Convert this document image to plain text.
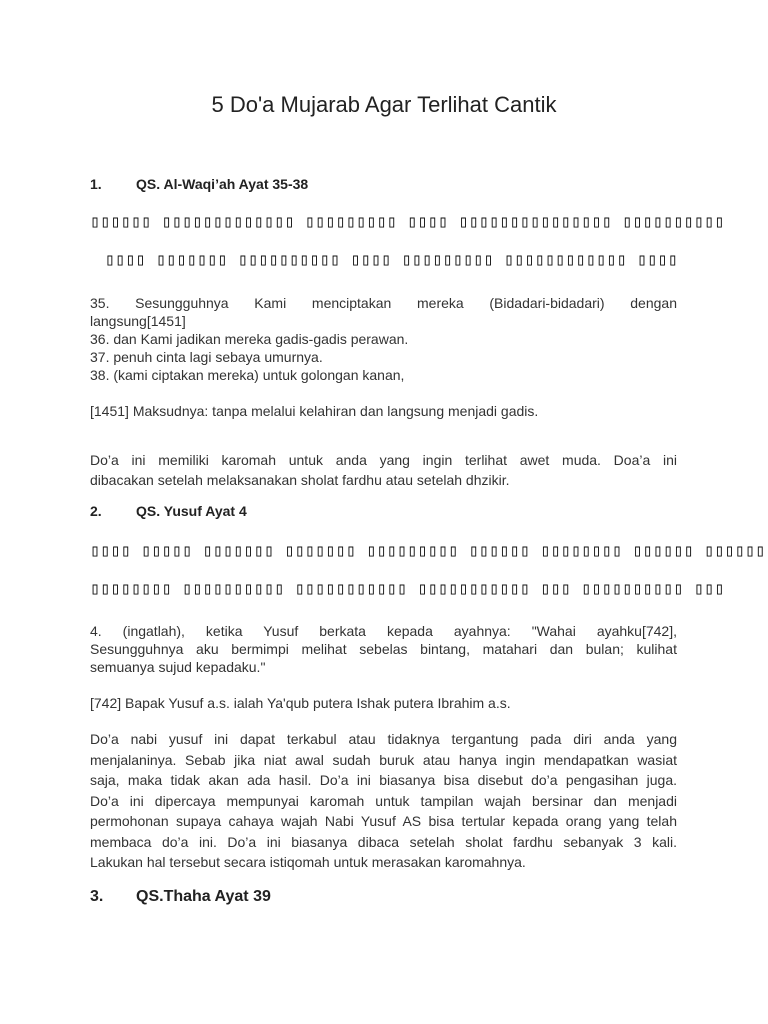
5 Do'a Mujarab Agar Terlihat Cantik
1. QS. Al-Waqi’ah Ayat 35-38
▯▯▯▯▯▯ ▯▯▯▯▯▯▯▯▯▯▯▯▯ ▯▯▯▯▯▯▯▯▯ ▯▯▯▯ ▯▯▯▯▯▯▯▯▯▯▯▯▯▯▯ ▯▯▯▯▯▯▯▯▯▯
▯▯▯▯ ▯▯▯▯▯▯▯ ▯▯▯▯▯▯▯▯▯▯ ▯▯▯▯ ▯▯▯▯▯▯▯▯▯ ▯▯▯▯▯▯▯▯▯▯▯▯ ▯▯▯▯
35. Sesungguhnya Kami menciptakan mereka (Bidadari-bidadari) dengan
langsung[1451]
36. dan Kami jadikan mereka gadis-gadis perawan.
37. penuh cinta lagi sebaya umurnya.
38. (kami ciptakan mereka) untuk golongan kanan,
[1451] Maksudnya: tanpa melalui kelahiran dan langsung menjadi gadis.
Do’a ini memiliki karomah untuk anda yang ingin terlihat awet muda. Doa’a ini
dibacakan setelah melaksanakan sholat fardhu atau setelah dhzikir.
2. QS. Yusuf Ayat 4
▯▯▯▯ ▯▯▯▯▯ ▯▯▯▯▯▯▯ ▯▯▯▯▯▯▯ ▯▯▯▯▯▯▯▯▯ ▯▯▯▯▯▯ ▯▯▯▯▯▯▯▯ ▯▯▯▯▯▯ ▯▯▯▯▯▯
▯▯▯▯▯▯▯▯ ▯▯▯▯▯▯▯▯▯▯ ▯▯▯▯▯▯▯▯▯▯▯ ▯▯▯▯▯▯▯▯▯▯▯ ▯▯▯ ▯▯▯▯▯▯▯▯▯▯ ▯▯▯
4. (ingatlah), ketika Yusuf berkata kepada ayahnya: "Wahai ayahku[742],
Sesungguhnya aku bermimpi melihat sebelas bintang, matahari dan bulan; kulihat
semuanya sujud kepadaku."
[742] Bapak Yusuf a.s. ialah Ya'qub putera Ishak putera Ibrahim a.s.
Do’a nabi yusuf ini dapat terkabul atau tidaknya tergantung pada diri anda yang
menjalaninya. Sebab jika niat awal sudah buruk atau hanya ingin mendapatkan wasiat
saja, maka tidak akan ada hasil. Do’a ini biasanya bisa disebut do’a pengasihan juga.
Do’a ini dipercaya mempunyai karomah untuk tampilan wajah bersinar dan menjadi
permohonan supaya cahaya wajah Nabi Yusuf AS bisa tertular kepada orang yang telah
membaca do’a ini. Do’a ini biasanya dibaca setelah sholat fardhu sebanyak 3 kali.
Lakukan hal tersebut secara istiqomah untuk merasakan karomahnya.
3. QS.Thaha Ayat 39
